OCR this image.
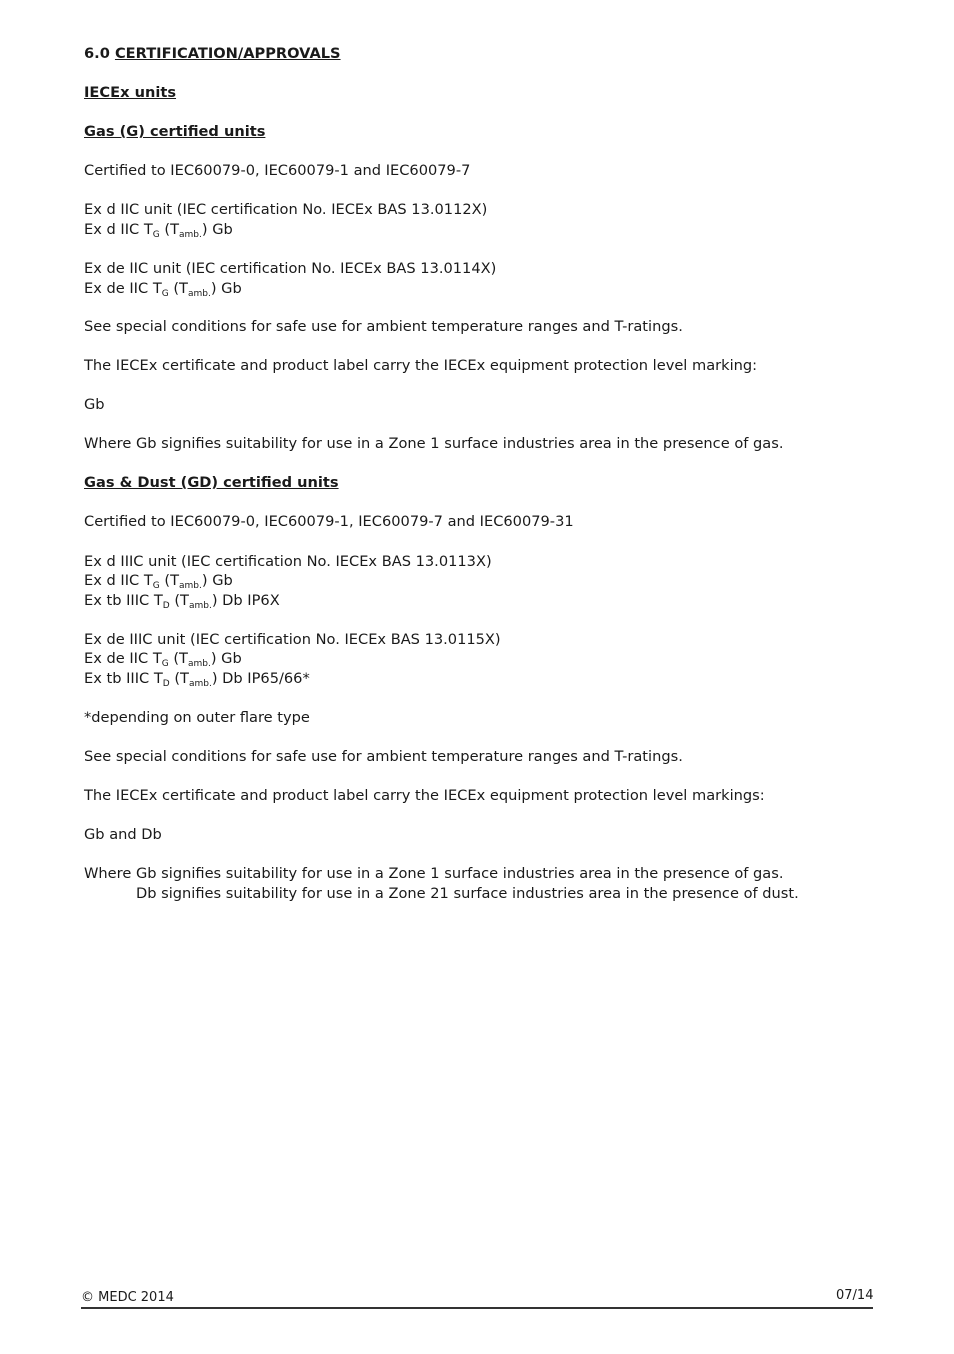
6.0 CERTIFICATION/APPROVALS
IECEx units
Gas (G) certified units
Certified to IEC60079-0, IEC60079-1 and IEC60079-7
Ex d IIC unit (IEC certification No. IECEx BAS 13.0112X)
Ex d IIC $T_G$ $(T_{amb.})$ Gb
Ex de IIC unit (IEC certification No. IECEx BAS 13.0114X)
Ex de IIC $T_G$ $(T_{amb.})$ Gb
See special conditions for safe use for ambient temperature ranges and T-ratings.
The IECEx certificate and product label carry the IECEx equipment protection level marking:
Gb
Where Gb signifies suitability for use in a Zone 1 surface industries area in the presence of gas.
Gas & Dust (GD) certified units
Certified to IEC60079-0, IEC60079-1, IEC60079-7 and IEC60079-31
Ex d IIIC unit (IEC certification No. IECEx BAS 13.0113X)
Ex d IIC $T_G$ $(T_{amb.})$ Gb
Ex tb IIIC $T_D$ $(T_{amb.})$ Db IP6X
Ex de IIIC unit (IEC certification No. IECEx BAS 13.0115X)
Ex de IIC $T_G$ $(T_{amb.})$ Gb
Ex tb IIIC $T_D$ $(T_{amb.})$ Db IP65/66*
*depending on outer flare type
See special conditions for safe use for ambient temperature ranges and T-ratings.
The IECEx certificate and product label carry the IECEx equipment protection level markings:
Gb and Db
Where Gb signifies suitability for use in a Zone 1 surface industries area in the presence of gas.
Db signifies suitability for use in a Zone 21 surface industries area in the presence of dust.
© MEDC 2014	07/14
